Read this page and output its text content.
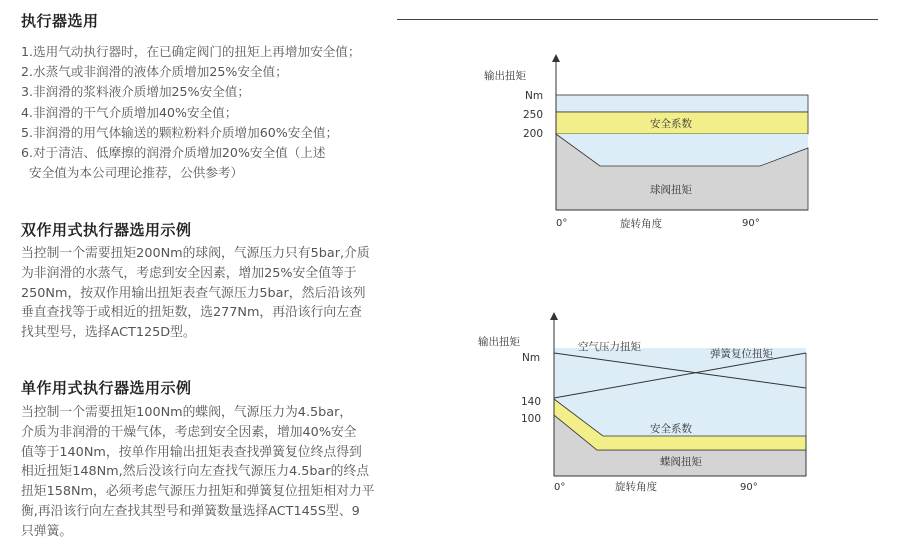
执行器选用
1.选用气动执行器时，在已确定阀门的扭矩上再增加安全值；
2.水蒸气或非润滑的液体介质增加25%安全值；
3.非润滑的浆料液介质增加25%安全值；
4.非润滑的干气介质增加40%安全值；
5.非润滑的用气体输送的颗粒粉料介质增加60%安全值；
6.对于清洁、低摩擦的润滑介质增加20%安全值（上述
安全值为本公司理论推荐，公供参考）
双作用式执行器选用示例
当控制一个需要扭矩200Nm的球阀，气源压力只有5bar,介质
为非润滑的水蒸气，考虑到安全因素，增加25%安全值等于
250Nm，按双作用输出扭矩表查气源压力5bar，然后沿该列
垂直查找等于或相近的扭矩数，选277Nm，再沿该行向左查
找其型号，选择ACT125D型。
单作用式执行器选用示例
当控制一个需要扭矩100Nm的蝶阀，气源压力为4.5bar，
介质为非润滑的干燥气体，考虑到安全因素，增加40%安全
值等于140Nm，按单作用输出扭矩表查找弹簧复位终点得到
相近扭矩148Nm,然后没该行向左查找气源压力4.5bar的终点
扭矩158Nm，必须考虑气源压力扭矩和弹簧复位扭矩相对力平
衡,再沿该行向左查找其型号和弹簧数量选择ACT145S型、9
只弹簧。
输出扭矩
Nm
250
200
安全系数
球阀扭矩
0°	90°
旋转角度
输出扭矩
Nm
140
100
空气压力扭矩
弹簧复位扭矩
安全系数
蝶阀扭矩
0°	90°
旋转角度
